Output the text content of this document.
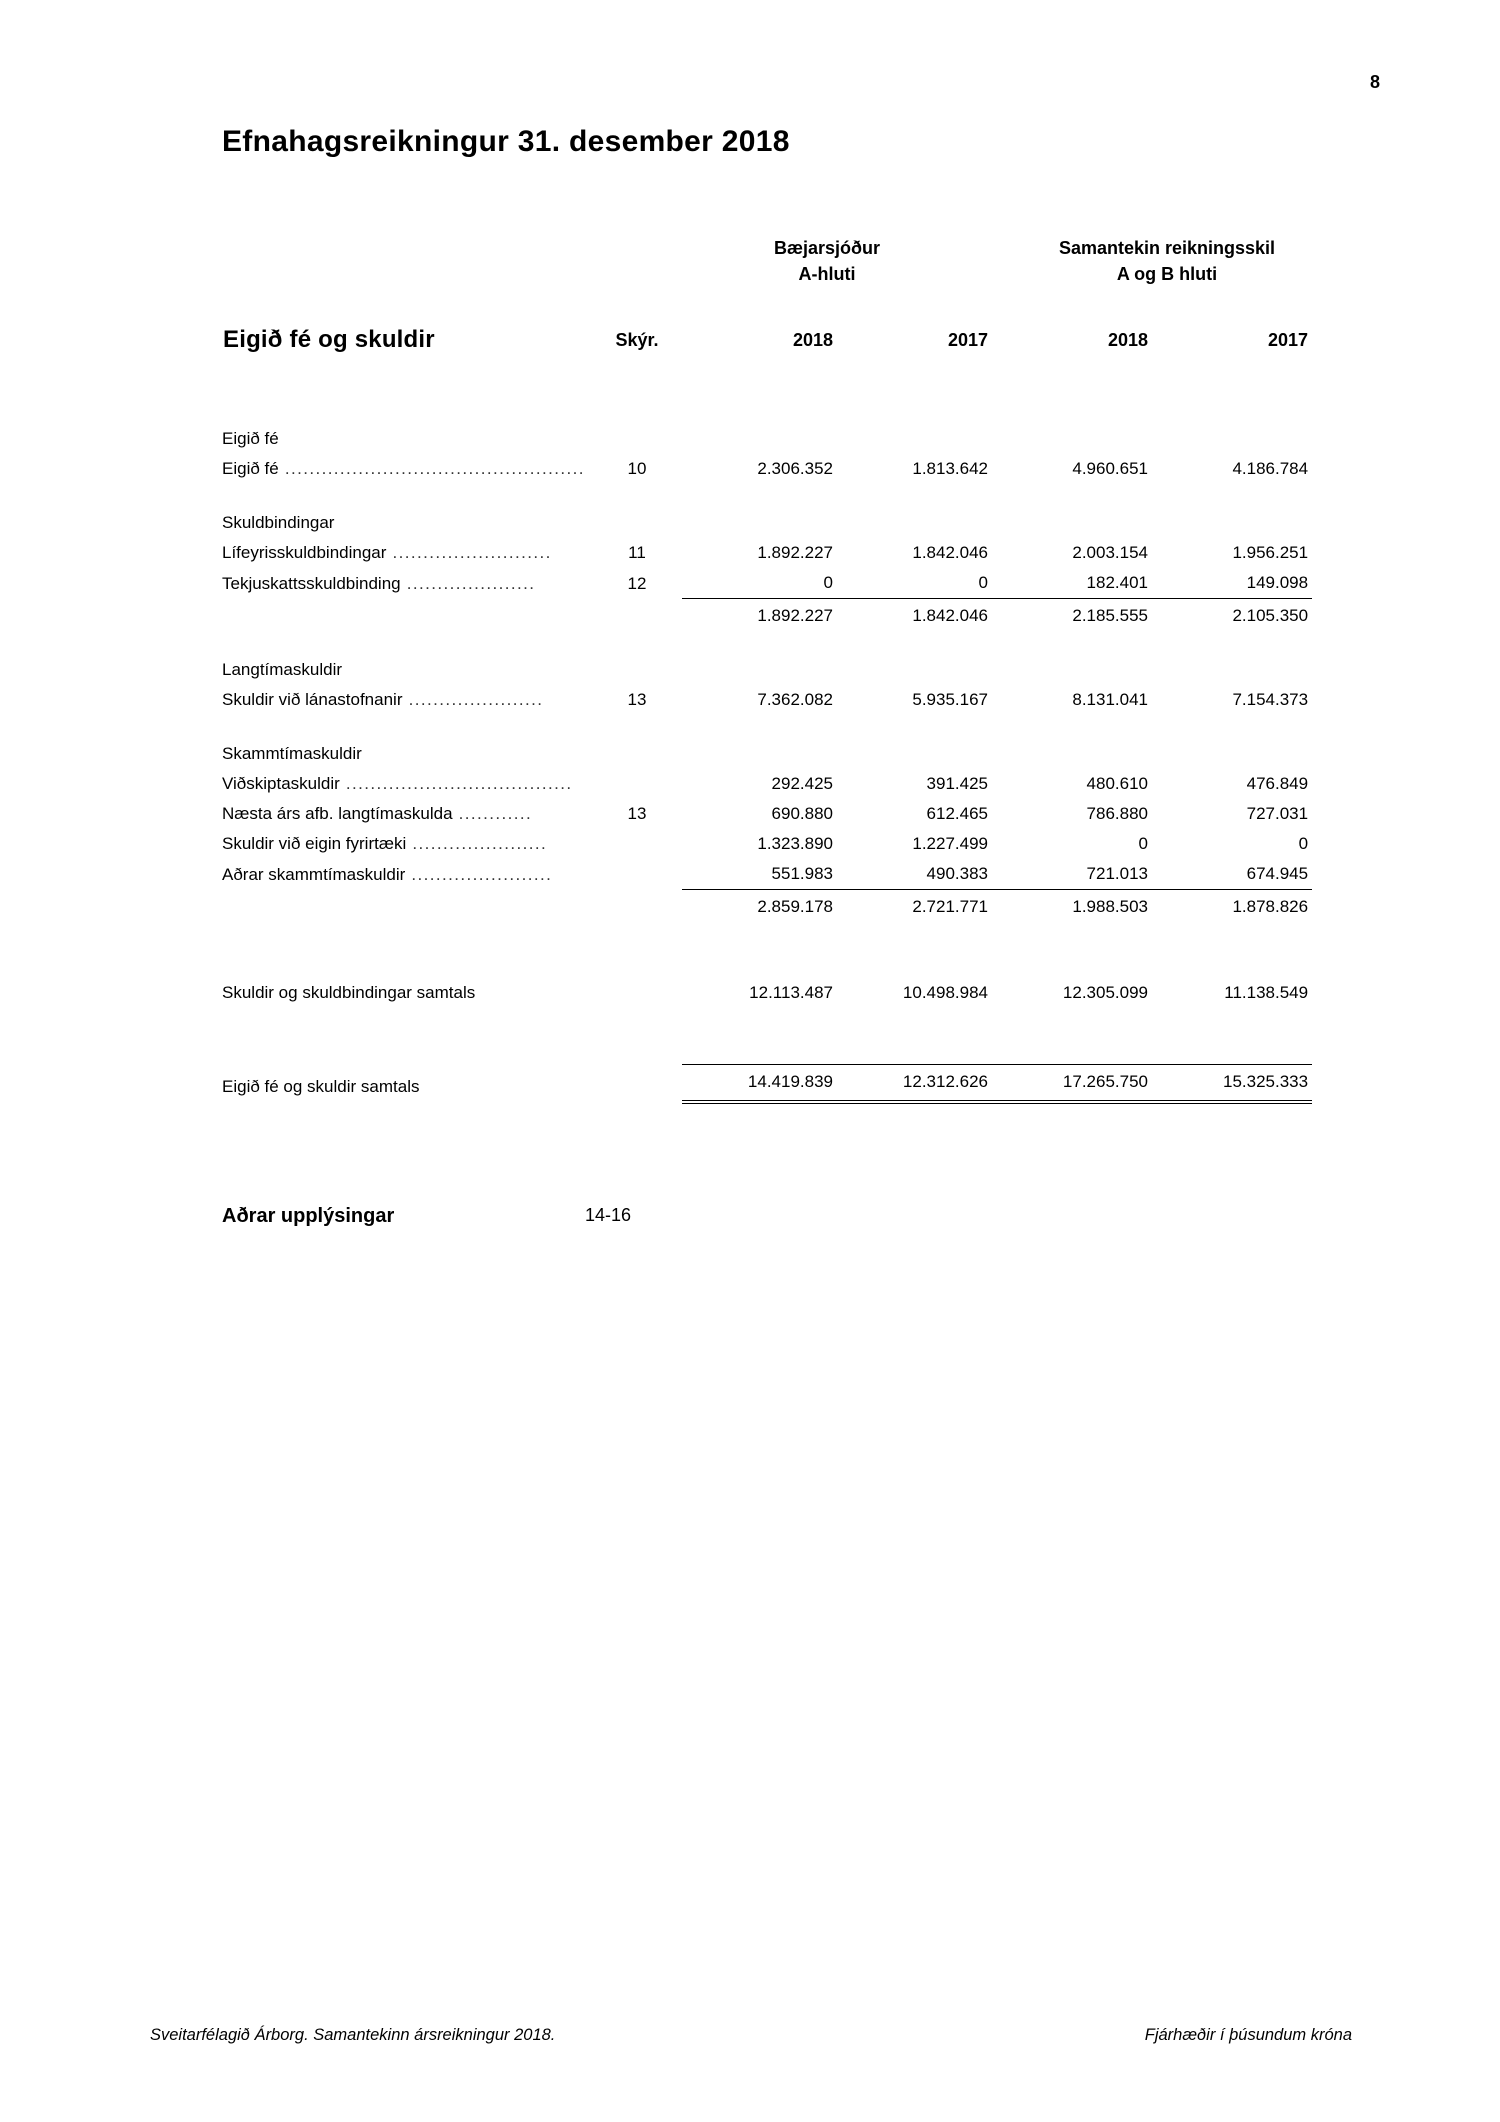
8
Efnahagsreikningur 31. desember 2018
Bæjarsjóður
A-hluti
Samantekin reikningsskil
A og B hluti
Eigið fé og skuldir	Skýr.	2018	2017	2018	2017
Eigið fé					
Eigið fé .................................................	10	2.306.352	1.813.642	4.960.651	4.186.784
Skuldbindingar					
Lífeyrisskuldbindingar ..........................	11	1.892.227	1.842.046	2.003.154	1.956.251
Tekjuskattsskuldbinding .....................	12	0	0	182.401	149.098
		1.892.227	1.842.046	2.185.555	2.105.350
Langtímaskuldir					
Skuldir við lánastofnanir ......................	13	7.362.082	5.935.167	8.131.041	7.154.373
Skammtímaskuldir					
Viðskiptaskuldir .....................................		292.425	391.425	480.610	476.849
Næsta árs afb. langtímaskulda ............	13	690.880	612.465	786.880	727.031
Skuldir við eigin fyrirtæki ......................		1.323.890	1.227.499	0	0
Aðrar skammtímaskuldir .......................		551.983	490.383	721.013	674.945
		2.859.178	2.721.771	1.988.503	1.878.826

Skuldir og skuldbindingar samtals		12.113.487	10.498.984	12.305.099	11.138.549

Eigið fé og skuldir samtals		14.419.839	12.312.626	17.265.750	15.325.333
Aðrar upplýsingar	14-16
Sveitarfélagið Árborg. Samantekinn ársreikningur 2018.	Fjárhæðir í þúsundum króna
